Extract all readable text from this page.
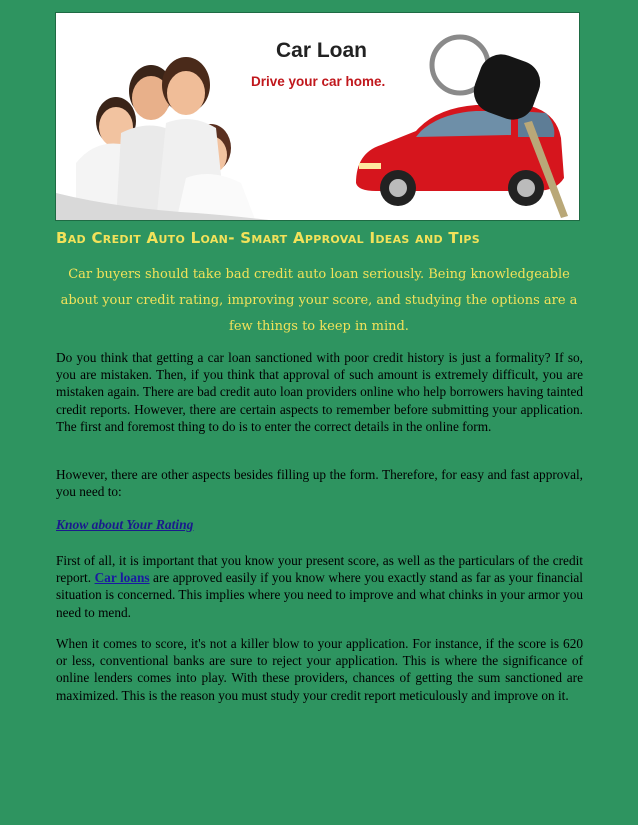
Car Loan
Drive your car home.
Bad Credit Auto Loan- Smart Approval Ideas and Tips
Car buyers should take bad credit auto loan seriously. Being knowledgeable about your credit rating, improving your score, and studying the options are a few things to keep in mind.
Do you think that getting a car loan sanctioned with poor credit history is just a formality? If so, you are mistaken. Then, if you think that approval of such amount is extremely difficult, you are mistaken again. There are bad credit auto loan providers online who help borrowers having tainted credit reports. However, there are certain aspects to remember before submitting your application. The first and foremost thing to do is to enter the correct details in the online form.
However, there are other aspects besides filling up the form. Therefore, for easy and fast approval, you need to:
Know about Your Rating
First of all, it is important that you know your present score, as well as the particulars of the credit report. Car loans are approved easily if you know where you exactly stand as far as your financial situation is concerned. This implies where you need to improve and what chinks in your armor you need to mend.
When it comes to score, it's not a killer blow to your application. For instance, if the score is 620 or less, conventional banks are sure to reject your application. This is where the significance of online lenders comes into play. With these providers, chances of getting the sum sanctioned are maximized. This is the reason you must study your credit report meticulously and improve on it.
